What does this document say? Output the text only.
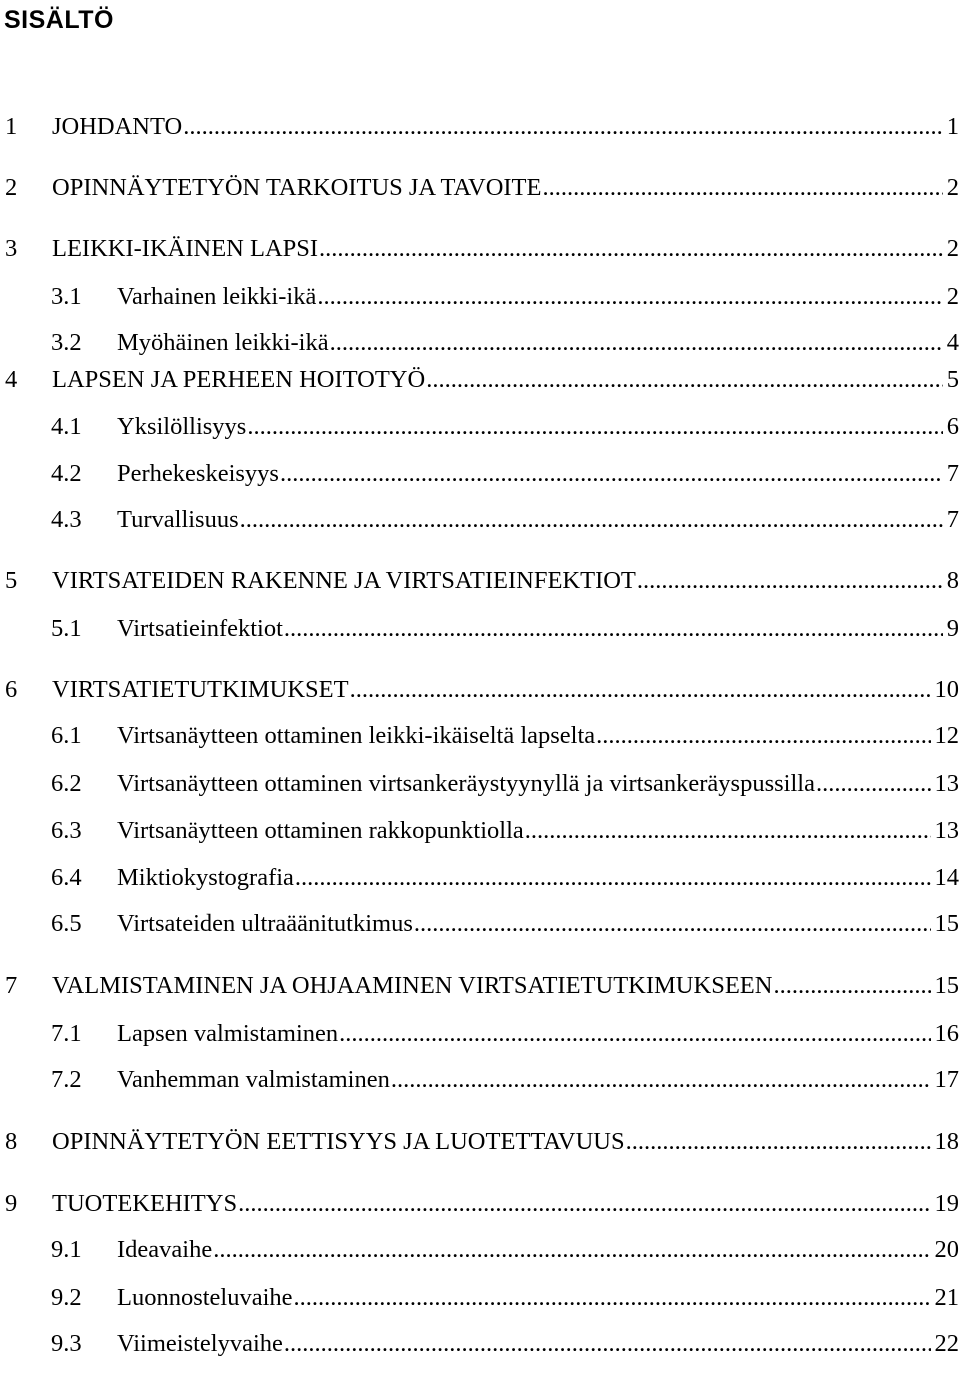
SISÄLTÖ
1	JOHDANTO .....	1
2	OPINNÄYTETYÖN TARKOITUS JA TAVOITE .....	2
3	LEIKKI-IKÄINEN LAPSI .....	2
3.1	Varhainen leikki-ikä .....	2
3.2	Myöhäinen leikki-ikä .....	4
4	LAPSEN JA PERHEEN HOITOTYÖ .....	5
4.1	Yksilöllisyys .....	6
4.2	Perhekeskeisyys .....	7
4.3	Turvallisuus .....	7
5	VIRTSATEIDEN RAKENNE JA VIRTSATIEINFEKTIOT .....	8
5.1	Virtsatieinfektiot .....	9
6	VIRTSATIETUTKIMUKSET .....	10
6.1	Virtsanäytteen ottaminen leikki-ikäiseltä lapselta .....	12
6.2	Virtsanäytteen ottaminen virtsankeräystyynyllä ja virtsankeräyspussilla .....	13
6.3	Virtsanäytteen ottaminen rakkopunktiolla .....	13
6.4	Miktiokystografia .....	14
6.5	Virtsateiden ultraäänitutkimus .....	15
7	VALMISTAMINEN JA OHJAAMINEN VIRTSATIETUTKIMUKSEEN .....	15
7.1	Lapsen valmistaminen .....	16
7.2	Vanhemman valmistaminen .....	17
8	OPINNÄYTETYÖN EETTISYYS JA LUOTETTAVUUS .....	18
9	TUOTEKEHITYS .....	19
9.1	Ideavaihe .....	20
9.2	Luonnosteluvaihe .....	21
9.3	Viimeistelyvaihe .....	22
